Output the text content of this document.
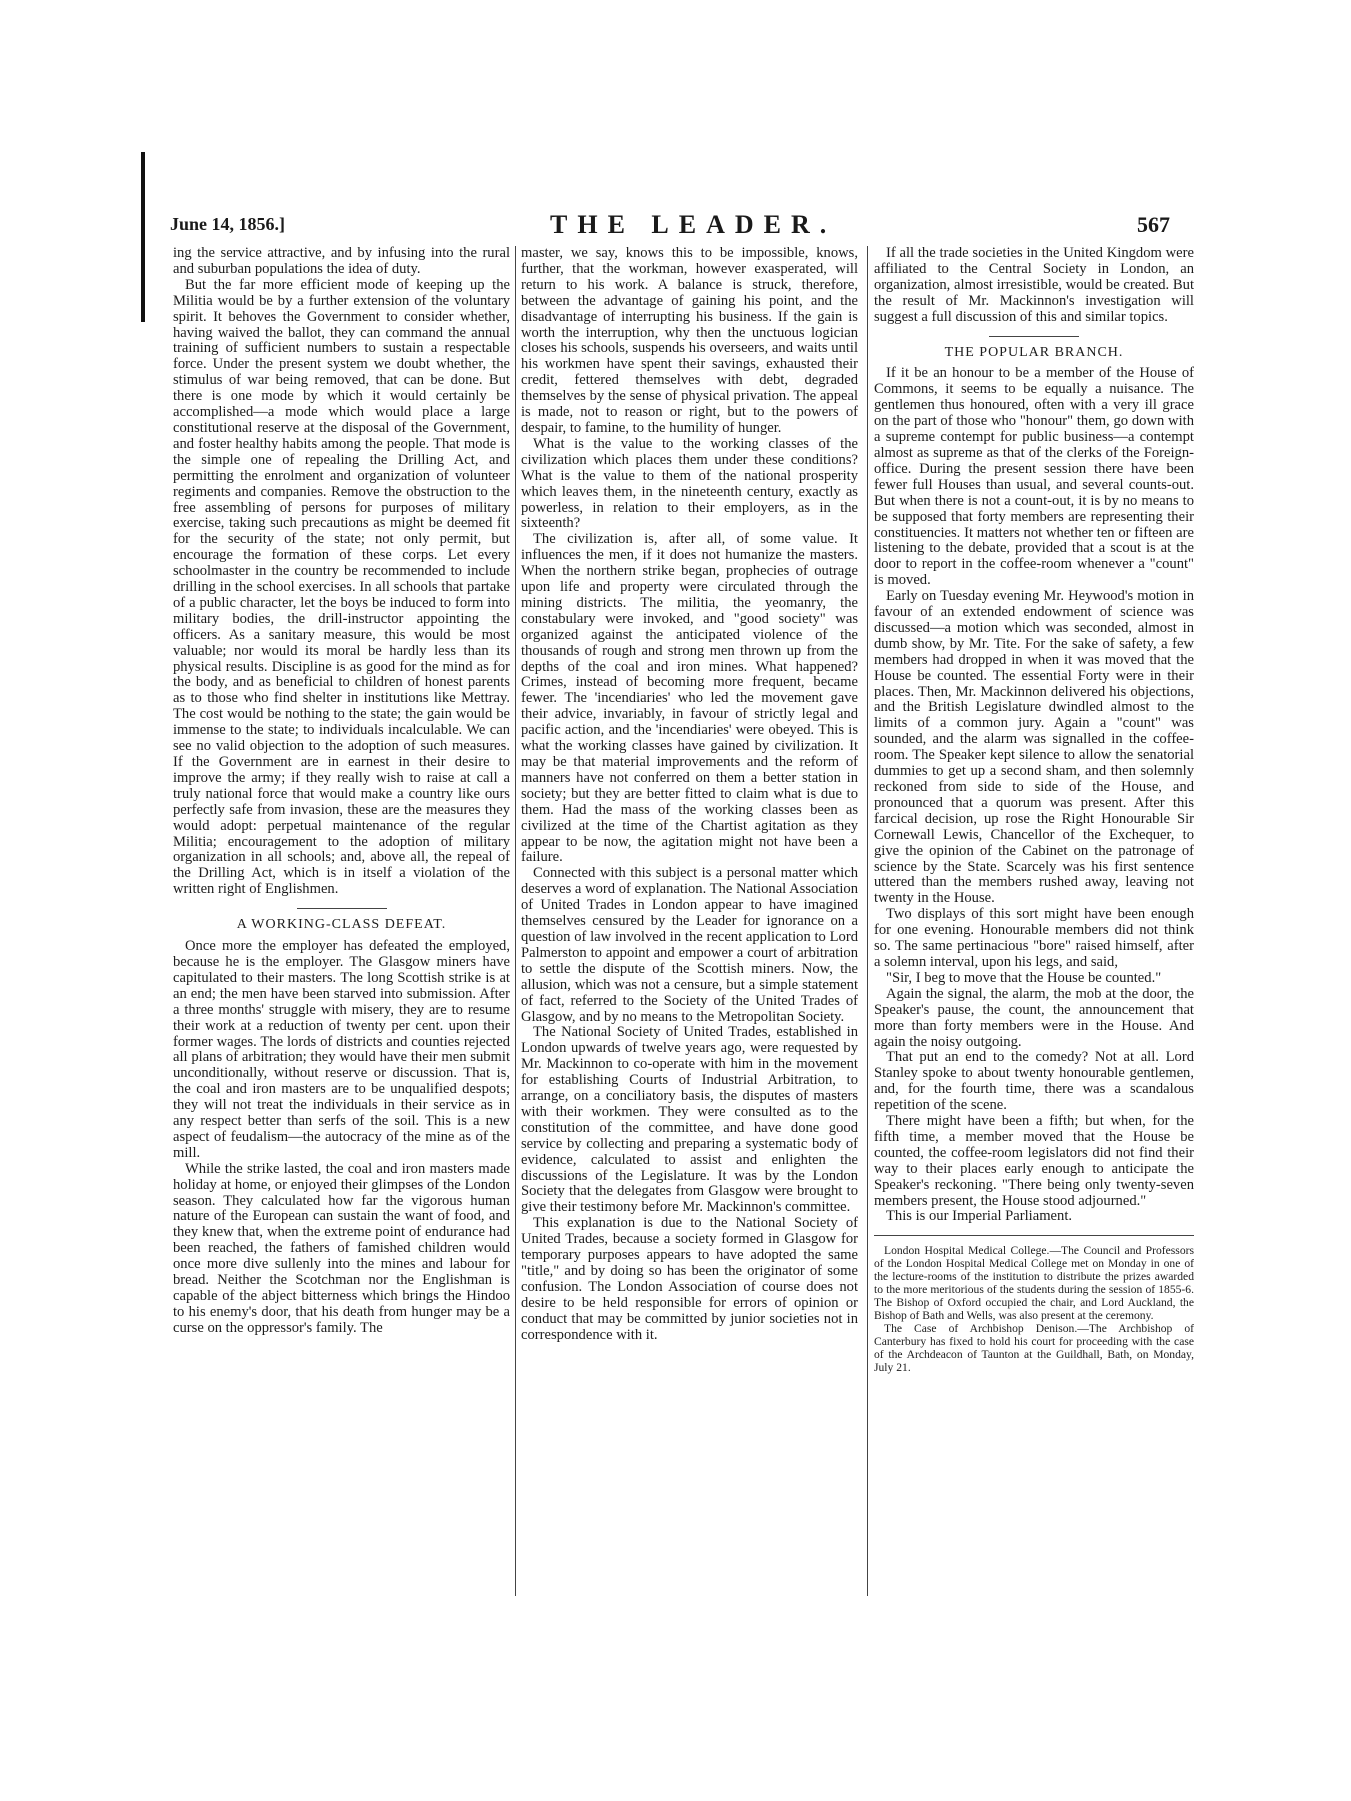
June 14, 1856.]	THE LEADER.	567

ing the service attractive, and by infusing into the rural and suburban populations the idea of duty.

But the far more efficient mode of keeping up the Militia would be by a further extension of the voluntary spirit. It behoves the Government to consider whether, having waived the ballot, they can command the annual training of sufficient numbers to sustain a respectable force. Under the present system we doubt whether, the stimulus of war being removed, that can be done. But there is one mode by which it would certainly be accomplished—a mode which would place a large constitutional reserve at the disposal of the Government, and foster healthy habits among the people. That mode is the simple one of repealing the Drilling Act, and permitting the enrolment and organization of volunteer regiments and companies. Remove the obstruction to the free assembling of persons for purposes of military exercise, taking such precautions as might be deemed fit for the security of the state; not only permit, but encourage the formation of these corps. Let every schoolmaster in the country be recommended to include drilling in the school exercises. In all schools that partake of a public character, let the boys be induced to form into military bodies, the drill-instructor appointing the officers. As a sanitary measure, this would be most valuable; nor would its moral be hardly less than its physical results. Discipline is as good for the mind as for the body, and as beneficial to children of honest parents as to those who find shelter in institutions like Mettray. The cost would be nothing to the state; the gain would be immense to the state; to individuals incalculable. We can see no valid objection to the adoption of such measures. If the Government are in earnest in their desire to improve the army; if they really wish to raise at call a truly national force that would make a country like ours perfectly safe from invasion, these are the measures they would adopt: perpetual maintenance of the regular Militia; encouragement to the adoption of military organization in all schools; and, above all, the repeal of the Drilling Act, which is in itself a violation of the written right of Englishmen.

A WORKING-CLASS DEFEAT.

Once more the employer has defeated the employed, because he is the employer. The Glasgow miners have capitulated to their masters. The long Scottish strike is at an end; the men have been starved into submission. After a three months' struggle with misery, they are to resume their work at a reduction of twenty per cent. upon their former wages. The lords of districts and counties rejected all plans of arbitration; they would have their men submit unconditionally, without reserve or discussion. That is, the coal and iron masters are to be unqualified despots; they will not treat the individuals in their service as in any respect better than serfs of the soil. This is a new aspect of feudalism—the autocracy of the mine as of the mill.

While the strike lasted, the coal and iron masters made holiday at home, or enjoyed their glimpses of the London season. They calculated how far the vigorous human nature of the European can sustain the want of food, and they knew that, when the extreme point of endurance had been reached, the fathers of famished children would once more dive sullenly into the mines and labour for bread. Neither the Scotchman nor the Englishman is capable of the abject bitterness which brings the Hindoo to his enemy's door, that his death from hunger may be a curse on the oppressor's family. The

master, we say, knows this to be impossible, knows, further, that the workman, however exasperated, will return to his work. A balance is struck, therefore, between the advantage of gaining his point, and the disadvantage of interrupting his business. If the gain is worth the interruption, why then the unctuous logician closes his schools, suspends his overseers, and waits until his workmen have spent their savings, exhausted their credit, fettered themselves with debt, degraded themselves by the sense of physical privation. The appeal is made, not to reason or right, but to the powers of despair, to famine, to the humility of hunger.

What is the value to the working classes of the civilization which places them under these conditions? What is the value to them of the national prosperity which leaves them, in the nineteenth century, exactly as powerless, in relation to their employers, as in the sixteenth?

The civilization is, after all, of some value. It influences the men, if it does not humanize the masters. When the northern strike began, prophecies of outrage upon life and property were circulated through the mining districts. The militia, the yeomanry, the constabulary were invoked, and "good society" was organized against the anticipated violence of the thousands of rough and strong men thrown up from the depths of the coal and iron mines. What happened? Crimes, instead of becoming more frequent, became fewer. The 'incendiaries' who led the movement gave their advice, invariably, in favour of strictly legal and pacific action, and the 'incendiaries' were obeyed. This is what the working classes have gained by civilization. It may be that material improvements and the reform of manners have not conferred on them a better station in society; but they are better fitted to claim what is due to them. Had the mass of the working classes been as civilized at the time of the Chartist agitation as they appear to be now, the agitation might not have been a failure.

Connected with this subject is a personal matter which deserves a word of explanation. The National Association of United Trades in London appear to have imagined themselves censured by the Leader for ignorance on a question of law involved in the recent application to Lord Palmerston to appoint and empower a court of arbitration to settle the dispute of the Scottish miners. Now, the allusion, which was not a censure, but a simple statement of fact, referred to the Society of the United Trades of Glasgow, and by no means to the Metropolitan Society.

The National Society of United Trades, established in London upwards of twelve years ago, were requested by Mr. Mackinnon to co-operate with him in the movement for establishing Courts of Industrial Arbitration, to arrange, on a conciliatory basis, the disputes of masters with their workmen. They were consulted as to the constitution of the committee, and have done good service by collecting and preparing a systematic body of evidence, calculated to assist and enlighten the discussions of the Legislature. It was by the London Society that the delegates from Glasgow were brought to give their testimony before Mr. Mackinnon's committee.

This explanation is due to the National Society of United Trades, because a society formed in Glasgow for temporary purposes appears to have adopted the same "title," and by doing so has been the originator of some confusion. The London Association of course does not desire to be held responsible for errors of opinion or conduct that may be committed by junior societies not in correspondence with it.

If all the trade societies in the United Kingdom were affiliated to the Central Society in London, an organization, almost irresistible, would be created. But the result of Mr. Mackinnon's investigation will suggest a full discussion of this and similar topics.

THE POPULAR BRANCH.

If it be an honour to be a member of the House of Commons, it seems to be equally a nuisance. The gentlemen thus honoured, often with a very ill grace on the part of those who "honour" them, go down with a supreme contempt for public business—a contempt almost as supreme as that of the clerks of the Foreign-office. During the present session there have been fewer full Houses than usual, and several counts-out. But when there is not a count-out, it is by no means to be supposed that forty members are representing their constituencies. It matters not whether ten or fifteen are listening to the debate, provided that a scout is at the door to report in the coffee-room whenever a "count" is moved.

Early on Tuesday evening Mr. Heywood's motion in favour of an extended endowment of science was discussed—a motion which was seconded, almost in dumb show, by Mr. Tite. For the sake of safety, a few members had dropped in when it was moved that the House be counted. The essential Forty were in their places. Then, Mr. Mackinnon delivered his objections, and the British Legislature dwindled almost to the limits of a common jury. Again a "count" was sounded, and the alarm was signalled in the coffee-room. The Speaker kept silence to allow the senatorial dummies to get up a second sham, and then solemnly reckoned from side to side of the House, and pronounced that a quorum was present. After this farcical decision, up rose the Right Honourable Sir Cornewall Lewis, Chancellor of the Exchequer, to give the opinion of the Cabinet on the patronage of science by the State. Scarcely was his first sentence uttered than the members rushed away, leaving not twenty in the House.

Two displays of this sort might have been enough for one evening. Honourable members did not think so. The same pertinacious "bore" raised himself, after a solemn interval, upon his legs, and said,

"Sir, I beg to move that the House be counted."

Again the signal, the alarm, the mob at the door, the Speaker's pause, the count, the announcement that more than forty members were in the House. And again the noisy outgoing.

That put an end to the comedy? Not at all. Lord Stanley spoke to about twenty honourable gentlemen, and, for the fourth time, there was a scandalous repetition of the scene.

There might have been a fifth; but when, for the fifth time, a member moved that the House be counted, the coffee-room legislators did not find their way to their places early enough to anticipate the Speaker's reckoning. "There being only twenty-seven members present, the House stood adjourned."

This is our Imperial Parliament.

London Hospital Medical College.—The Council and Professors of the London Hospital Medical College met on Monday in one of the lecture-rooms of the institution to distribute the prizes awarded to the more meritorious of the students during the session of 1855-6. The Bishop of Oxford occupied the chair, and Lord Auckland, the Bishop of Bath and Wells, was also present at the ceremony.

The Case of Archbishop Denison.—The Archbishop of Canterbury has fixed to hold his court for proceeding with the case of the Archdeacon of Taunton at the Guildhall, Bath, on Monday, July 21.
